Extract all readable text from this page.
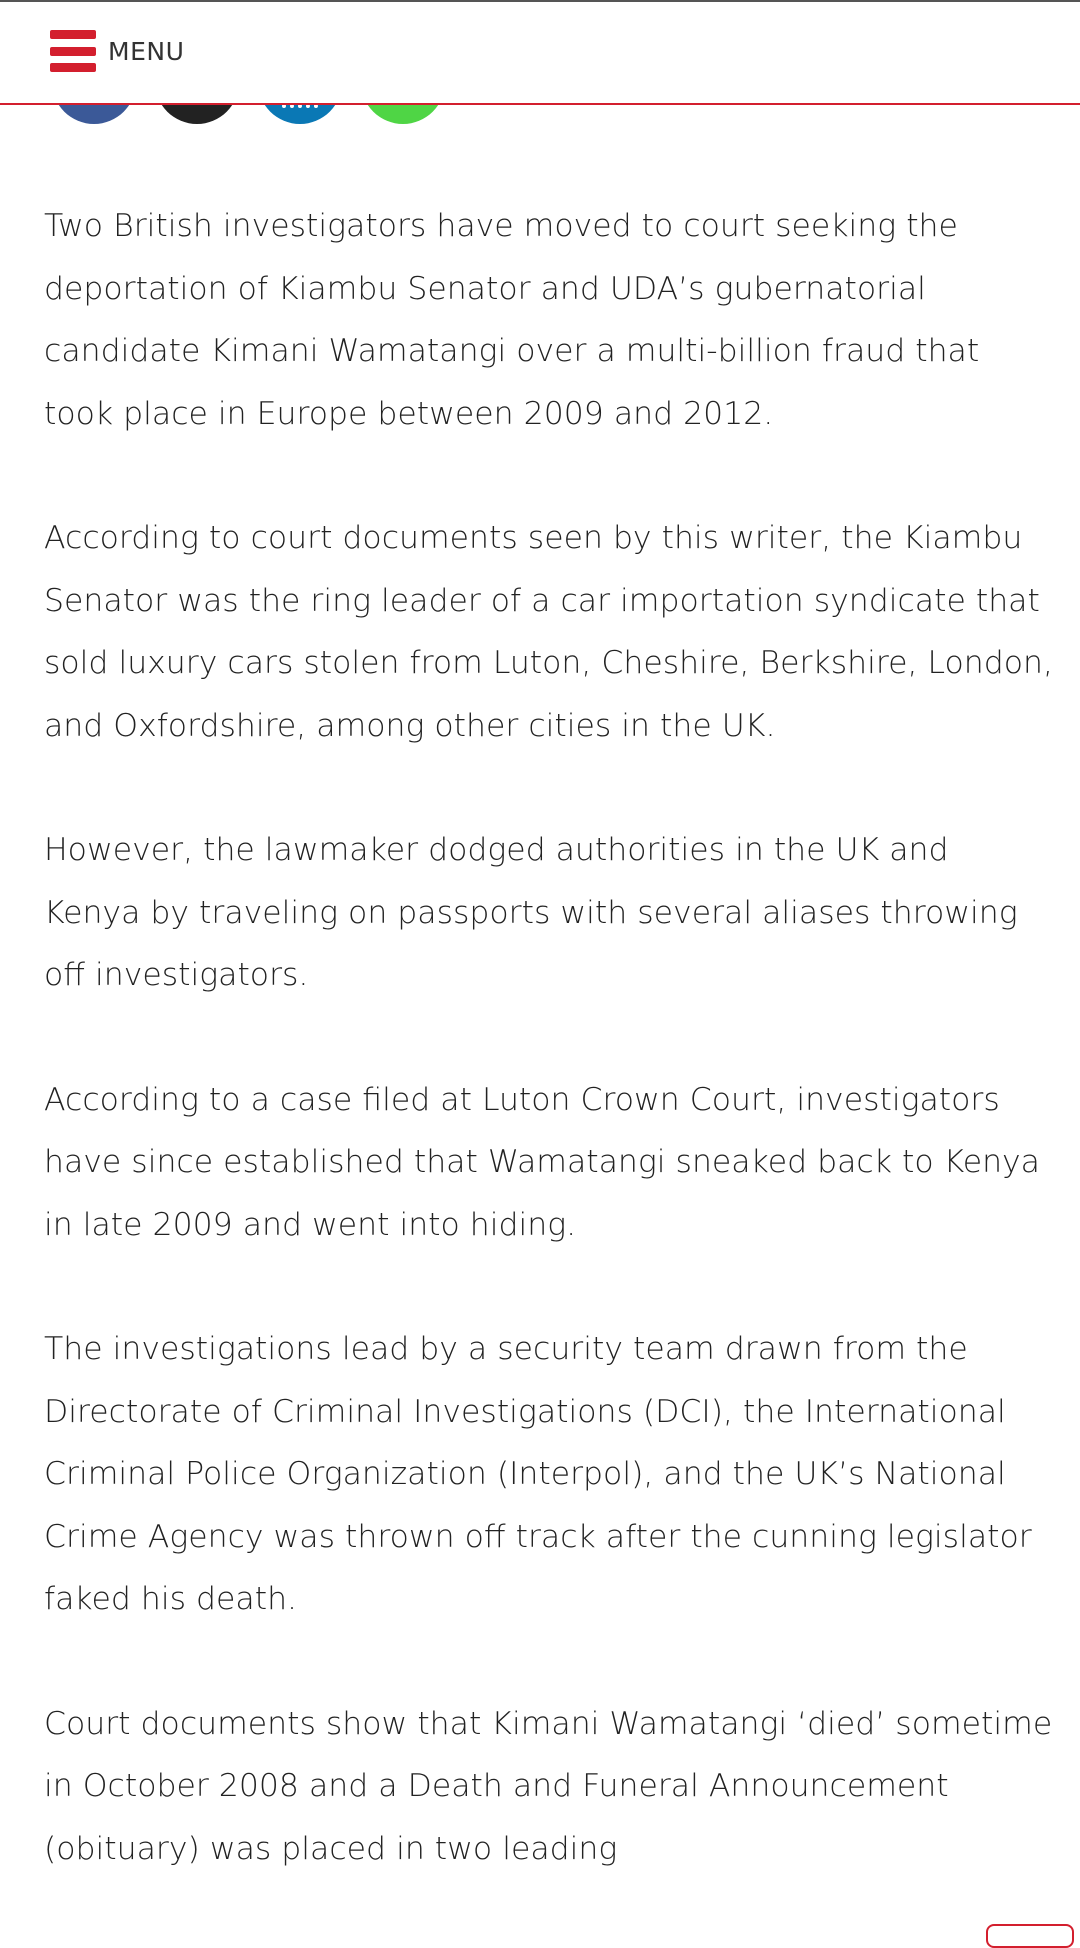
MENU

Two British investigators have moved to court seeking the deportation of Kiambu Senator and UDA’s gubernatorial candidate Kimani Wamatangi over a multi-billion fraud that took place in Europe between 2009 and 2012.

According to court documents seen by this writer, the Kiambu Senator was the ring leader of a car importation syndicate that sold luxury cars stolen from Luton, Cheshire, Berkshire, London, and Oxfordshire, among other cities in the UK.

However, the lawmaker dodged authorities in the UK and Kenya by traveling on passports with several aliases throwing off investigators.

According to a case filed at Luton Crown Court, investigators have since established that Wamatangi sneaked back to Kenya in late 2009 and went into hiding.

The investigations lead by a security team drawn from the Directorate of Criminal Investigations (DCI), the International Criminal Police Organization (Interpol), and the UK’s National Crime Agency was thrown off track after the cunning legislator faked his death.

Court documents show that Kimani Wamatangi ‘died’ sometime in October 2008 and a Death and Funeral Announcement (obituary) was placed in two leading
